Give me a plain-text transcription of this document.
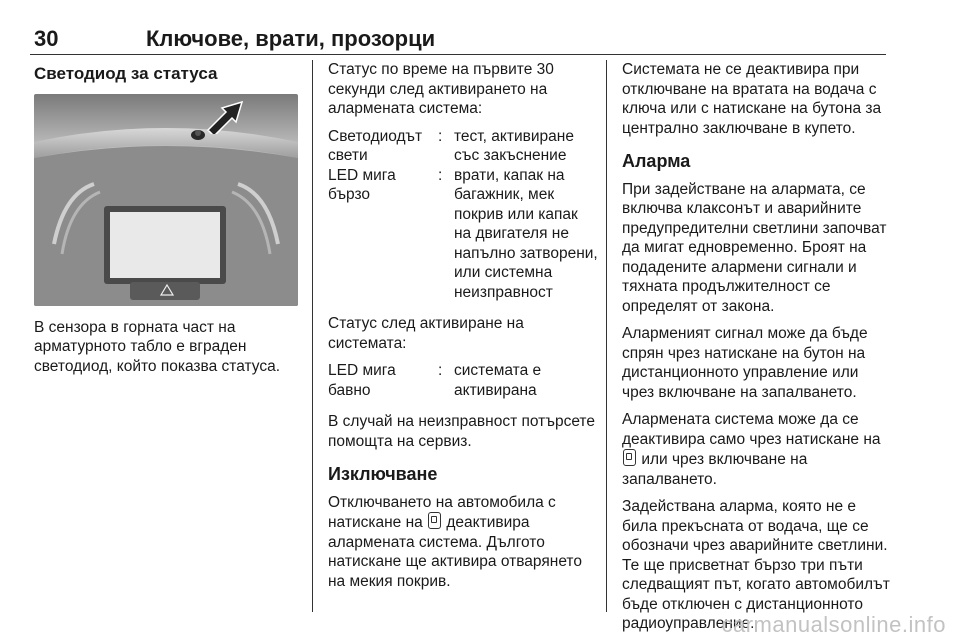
30	Ключове, врати, прозорци
Светодиод за статуса

В сензора в горната част на арматурното табло е вграден светодиод, който показва статуса.

Статус по време на първите 30 секунди след активирането на алармената система:

Светодиодът свети
: тест, активиране със закъснение
LED мига бързо
: врати, капак на багажник, мек покрив или капак на двигателя не напълно затворени, или системна неизправност

Статус след активиране на системата:

LED мига бавно
: системата е активирана

В случай на неизправност потърсете помощта на сервиз.

Изключване

Отключването на автомобила с натискане на деактивира алармената система. Дългото натискане ще активира отварянето на мекия покрив.

Системата не се деактивира при отключване на вратата на водача с ключа или с натискане на бутона за централно заключване в купето.

Аларма

При задействане на алармата, се включва клаксонът и аварийните предупредителни светлини започват да мигат едновременно. Броят на подадените алармени сигнали и тяхната продължителност се определят от закона.

Алармeният сигнал може да бъде спрян чрез натискане на бутон на дистанционното управление или чрез включване на запалването.

Алармената система може да се деактивира само чрез натискане на  или чрез включване на запалването.

Задействана аларма, която не е била прекъсната от водача, ще се обозначи чрез аварийните светлини. Те ще присветнат бързо три пъти следващият път, когато автомобилът бъде отключен с дистанционното радиоуправление.

carmanualsonline.info
